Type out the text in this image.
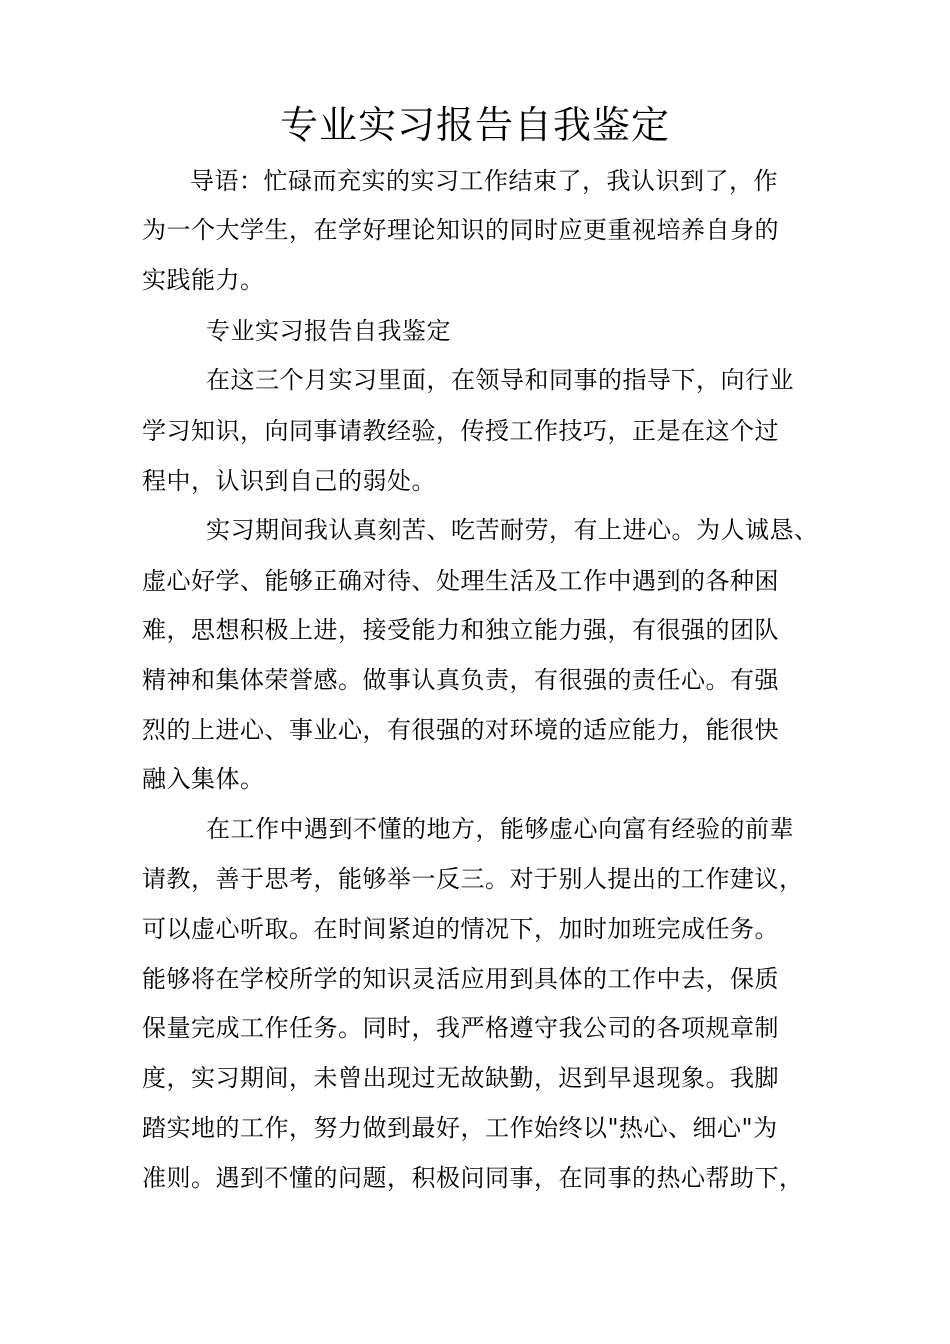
专业实习报告自我鉴定
导语：忙碌而充实的实习工作结束了，我认识到了，作
为一个大学生，在学好理论知识的同时应更重视培养自身的
实践能力。
专业实习报告自我鉴定
在这三个月实习里面，在领导和同事的指导下，向行业
学习知识，向同事请教经验，传授工作技巧，正是在这个过
程中，认识到自己的弱处。
实习期间我认真刻苦、吃苦耐劳，有上进心。为人诚恳、
虚心好学、能够正确对待、处理生活及工作中遇到的各种困
难，思想积极上进，接受能力和独立能力强，有很强的团队
精神和集体荣誉感。做事认真负责，有很强的责任心。有强
烈的上进心、事业心，有很强的对环境的适应能力，能很快
融入集体。
在工作中遇到不懂的地方，能够虚心向富有经验的前辈
请教，善于思考，能够举一反三。对于别人提出的工作建议，
可以虚心听取。在时间紧迫的情况下，加时加班完成任务。
能够将在学校所学的知识灵活应用到具体的工作中去，保质
保量完成工作任务。同时，我严格遵守我公司的各项规章制
度，实习期间，未曾出现过无故缺勤，迟到早退现象。我脚
踏实地的工作，努力做到最好，工作始终以"热心、细心"为
准则。遇到不懂的问题，积极问同事，在同事的热心帮助下，
